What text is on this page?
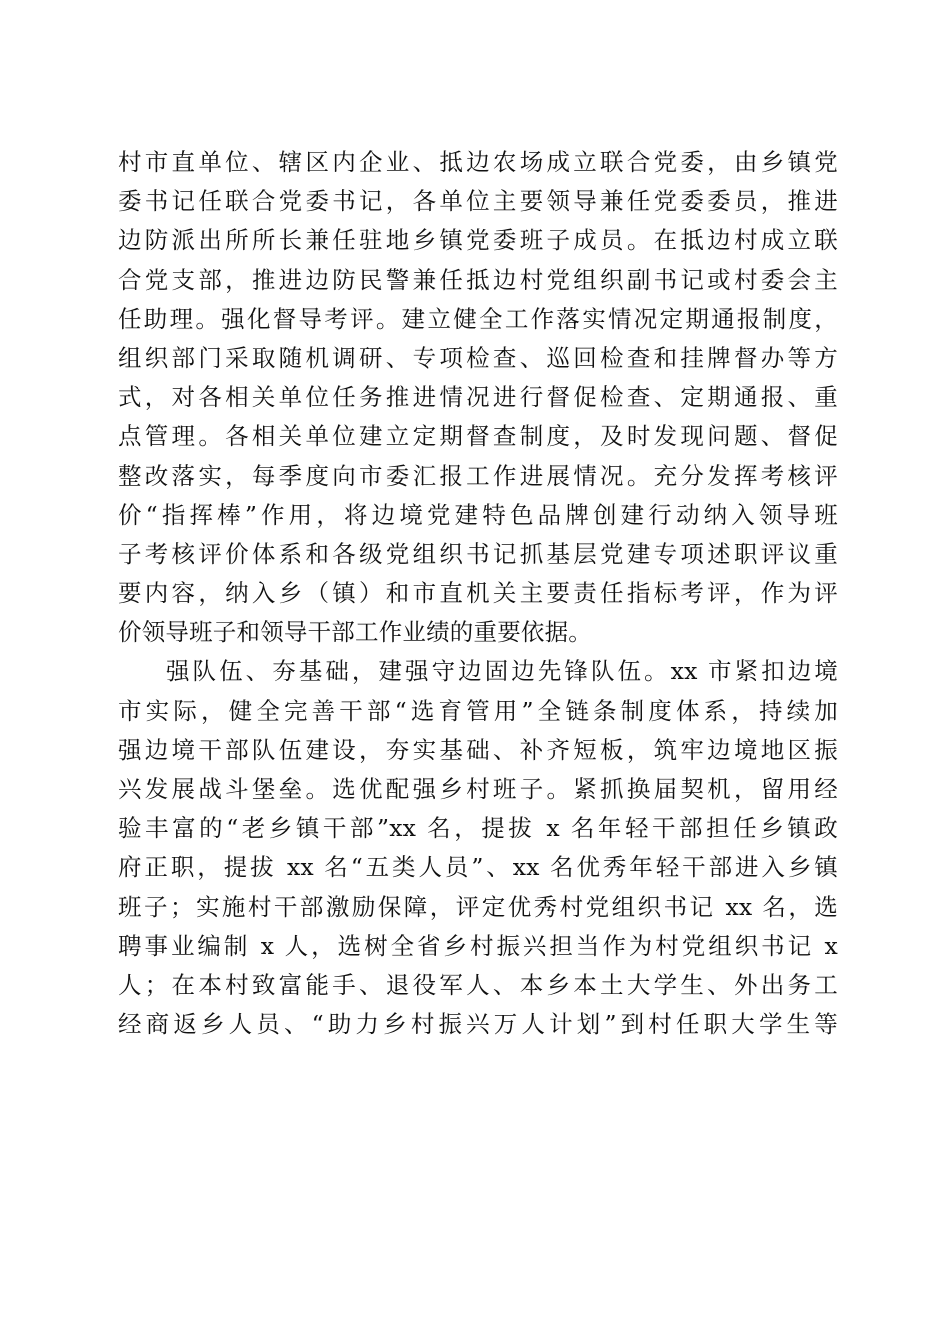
村市直单位、辖区内企业、抵边农场成立联合党委，由乡镇党
委书记任联合党委书记，各单位主要领导兼任党委委员，推进
边防派出所所长兼任驻地乡镇党委班子成员。在抵边村成立联
合党支部，推进边防民警兼任抵边村党组织副书记或村委会主
任助理。强化督导考评。建立健全工作落实情况定期通报制度，
组织部门采取随机调研、专项检查、巡回检查和挂牌督办等方
式，对各相关单位任务推进情况进行督促检查、定期通报、重
点管理。各相关单位建立定期督查制度，及时发现问题、督促
整改落实，每季度向市委汇报工作进展情况。充分发挥考核评
价“指挥棒”作用，将边境党建特色品牌创建行动纳入领导班
子考核评价体系和各级党组织书记抓基层党建专项述职评议重
要内容，纳入乡（镇）和市直机关主要责任指标考评，作为评
价领导班子和领导干部工作业绩的重要依据。
强队伍、夯基础，建强守边固边先锋队伍。xx 市紧扣边境
市实际，健全完善干部“选育管用”全链条制度体系，持续加
强边境干部队伍建设，夯实基础、补齐短板，筑牢边境地区振
兴发展战斗堡垒。选优配强乡村班子。紧抓换届契机，留用经
验丰富的“老乡镇干部”xx 名，提拔 x 名年轻干部担任乡镇政
府正职，提拔 xx 名“五类人员”、xx 名优秀年轻干部进入乡镇
班子；实施村干部激励保障，评定优秀村党组织书记 xx 名，选
聘事业编制 x 人，选树全省乡村振兴担当作为村党组织书记 x
人；在本村致富能手、退役军人、本乡本土大学生、外出务工
经商返乡人员、“助力乡村振兴万人计划”到村任职大学生等
